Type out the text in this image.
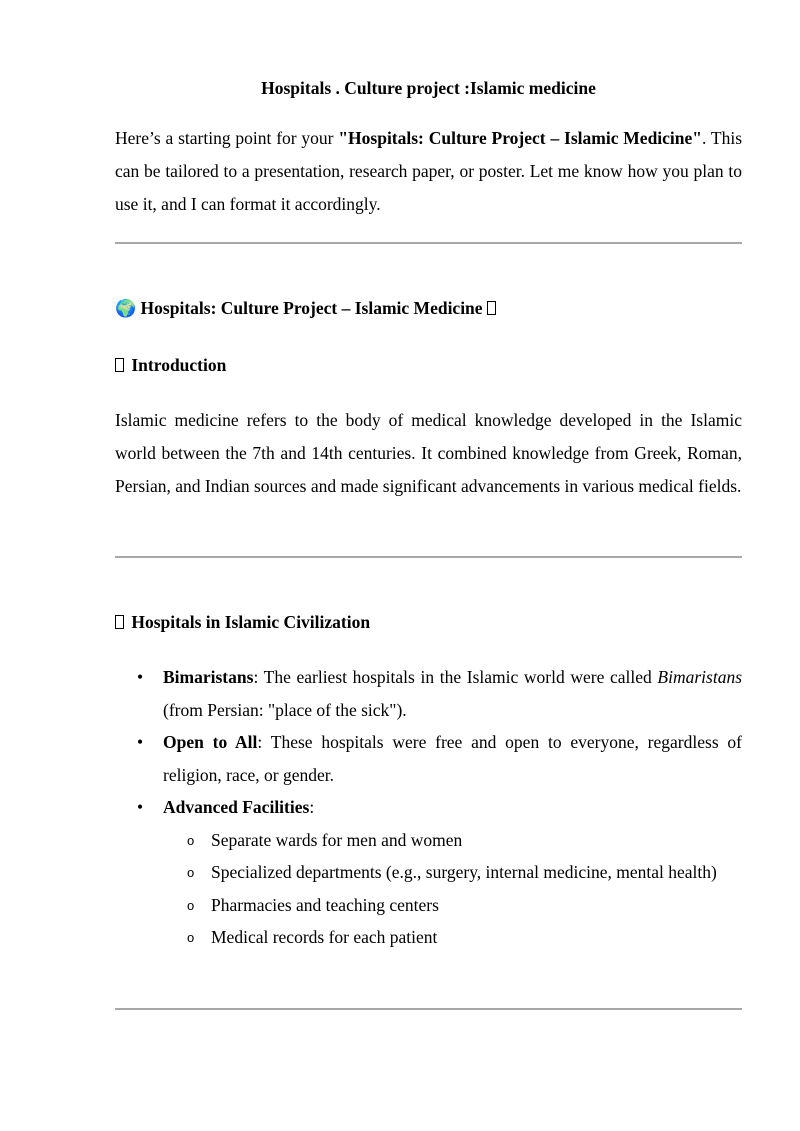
Hospitals . Culture project :Islamic medicine
Here’s a starting point for your "Hospitals: Culture Project – Islamic Medicine". This can be tailored to a presentation, research paper, or poster. Let me know how you plan to use it, and I can format it accordingly.
🌍 Hospitals: Culture Project – Islamic Medicine
Introduction
Islamic medicine refers to the body of medical knowledge developed in the Islamic world between the 7th and 14th centuries. It combined knowledge from Greek, Roman, Persian, and Indian sources and made significant advancements in various medical fields.
Hospitals in Islamic Civilization
• Bimaristans: The earliest hospitals in the Islamic world were called Bimaristans (from Persian: "place of the sick").
• Open to All: These hospitals were free and open to everyone, regardless of religion, race, or gender.
• Advanced Facilities:
o Separate wards for men and women
o Specialized departments (e.g., surgery, internal medicine, mental health)
o Pharmacies and teaching centers
o Medical records for each patient
